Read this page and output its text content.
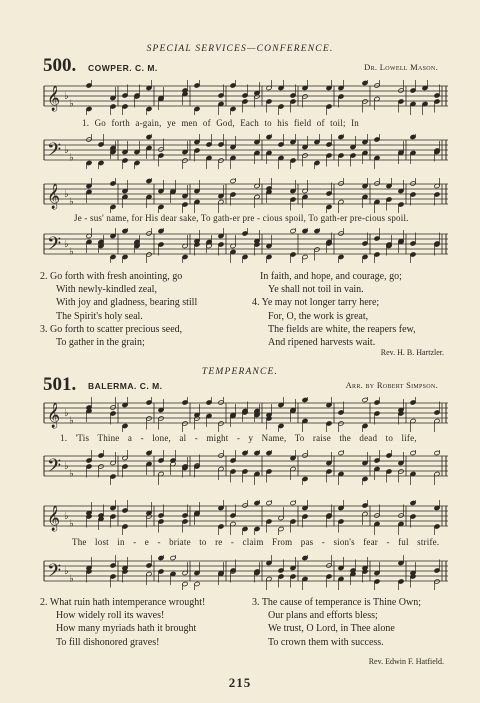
SPECIAL SERVICES—CONFERENCE.
500. COWPER. C. M.	Dr. Lowell Mason.
𝄞 ♭
♭
1. Go forth a-gain, ye men of God, Each to his field of toil; In
𝄢 ♭
♭
𝄞 ♭
♭
Je - sus' name, for His dear sake, To gath-er pre - cious spoil, To gath-er pre-cious spoil.
𝄢 ♭
♭
2. Go forth with fresh anointing, go
With newly-kindled zeal,
With joy and gladness, bearing still
The Spirit's holy seal.
3. Go forth to scatter precious seed,
To gather in the grain;
In faith, and hope, and courage, go;
Ye shall not toil in vain.
4. Ye may not longer tarry here;
For, O, the work is great,
The fields are white, the reapers few,
And ripened harvests wait.
Rev. H. B. Hartzler.
TEMPERANCE.
501. BALERMA. C. M.	Arr. by Robert Simpson.
𝄞 ♭
♭
1. 'Tis Thine a - lone, al - might - y Name, To raise the dead to life,
𝄢 ♭
♭
𝄞 ♭
♭
The lost in - e - briate to re - claim From pas - sion's fear - ful strife.
𝄢 ♭
♭
2. What ruin hath intemperance wrought!
How widely roll its waves!
How many myriads hath it brought
To fill dishonored graves!
3. The cause of temperance is Thine Own;
Our plans and efforts bless;
We trust, O Lord, in Thee alone
To crown them with success.
Rev. Edwin F. Hatfield.
215
